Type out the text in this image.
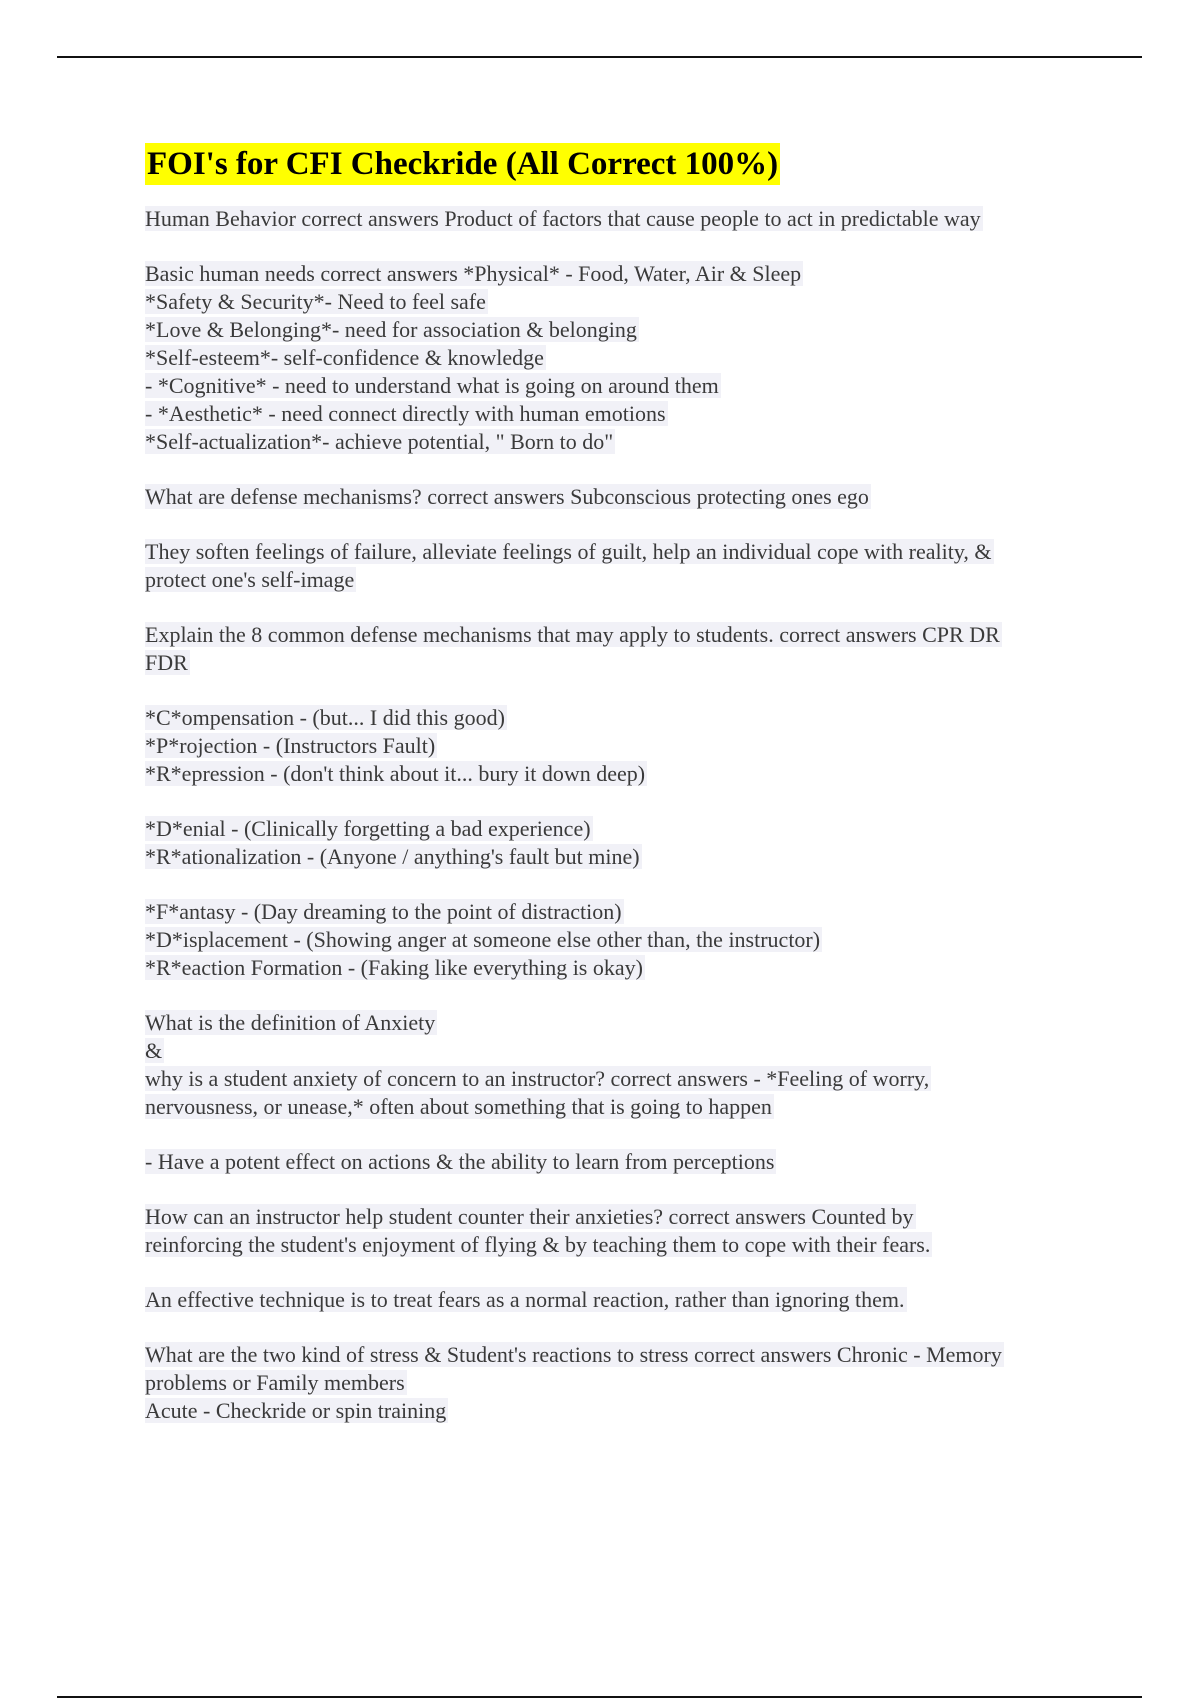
FOI's for CFI Checkride (All Correct 100%)
Human Behavior correct answers Product of factors that cause people to act in predictable way
Basic human needs correct answers *Physical* - Food, Water, Air & Sleep
*Safety & Security*- Need to feel safe
*Love & Belonging*- need for association & belonging
*Self-esteem*- self-confidence & knowledge
- *Cognitive* - need to understand what is going on around them
- *Aesthetic* - need connect directly with human emotions
*Self-actualization*- achieve potential, " Born to do"
What are defense mechanisms? correct answers Subconscious protecting ones ego
They soften feelings of failure, alleviate feelings of guilt, help an individual cope with reality, &
protect one's self-image
Explain the 8 common defense mechanisms that may apply to students. correct answers CPR DR
FDR
*C*ompensation - (but... I did this good)
*P*rojection - (Instructors Fault)
*R*epression - (don't think about it... bury it down deep)
*D*enial - (Clinically forgetting a bad experience)
*R*ationalization - (Anyone / anything's fault but mine)
*F*antasy - (Day dreaming to the point of distraction)
*D*isplacement - (Showing anger at someone else other than, the instructor)
*R*eaction Formation - (Faking like everything is okay)
What is the definition of Anxiety
&
why is a student anxiety of concern to an instructor? correct answers - *Feeling of worry,
nervousness, or unease,* often about something that is going to happen
- Have a potent effect on actions & the ability to learn from perceptions
How can an instructor help student counter their anxieties? correct answers Counted by
reinforcing the student's enjoyment of flying & by teaching them to cope with their fears.
An effective technique is to treat fears as a normal reaction, rather than ignoring them.
What are the two kind of stress & Student's reactions to stress correct answers Chronic - Memory
problems or Family members
Acute - Checkride or spin training
